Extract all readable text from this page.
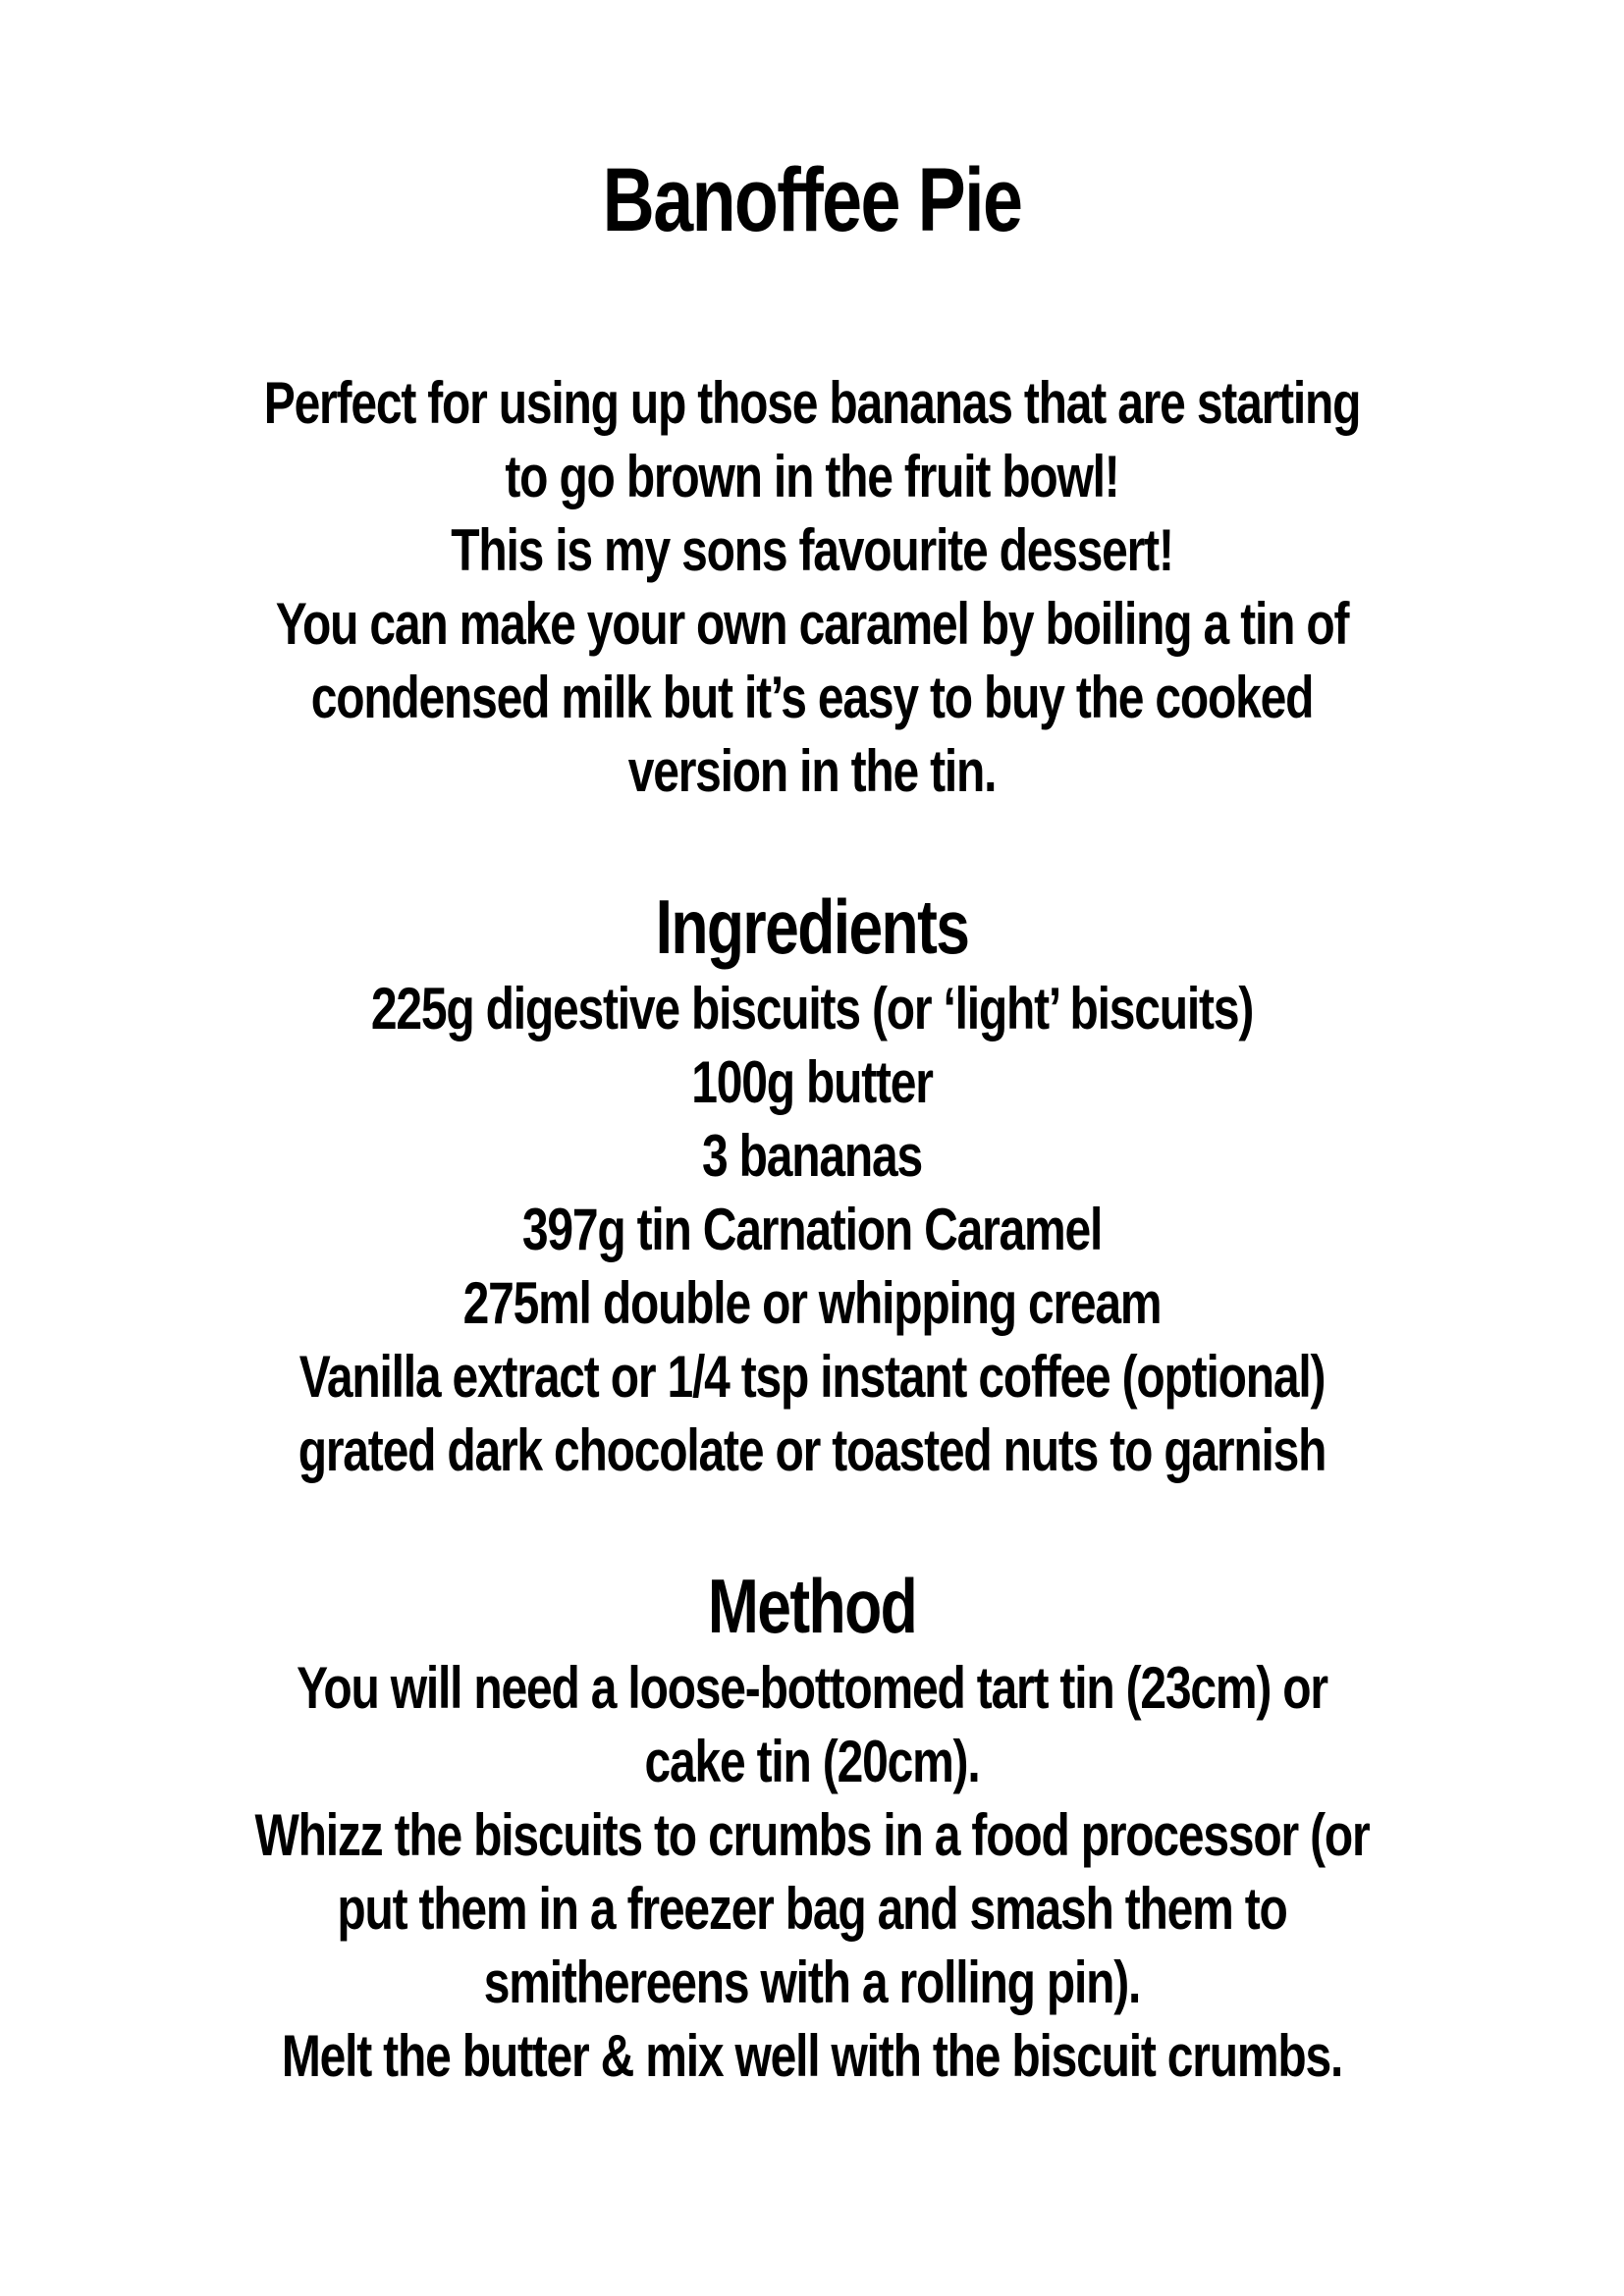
Banoffee Pie
Perfect for using up those bananas that are starting
to go brown in the fruit bowl!
This is my sons favourite dessert!
You can make your own caramel by boiling a tin of
condensed milk but it’s easy to buy the cooked
version in the tin.
Ingredients
225g digestive biscuits (or ‘light’ biscuits)
100g butter
3 bananas
397g tin Carnation Caramel
275ml double or whipping cream
Vanilla extract or 1/4 tsp instant coffee (optional)
grated dark chocolate or toasted nuts to garnish
Method
You will need a loose-bottomed tart tin (23cm) or
cake tin (20cm).
Whizz the biscuits to crumbs in a food processor (or
put them in a freezer bag and smash them to
smithereens with a rolling pin).
Melt the butter & mix well with the biscuit crumbs.
